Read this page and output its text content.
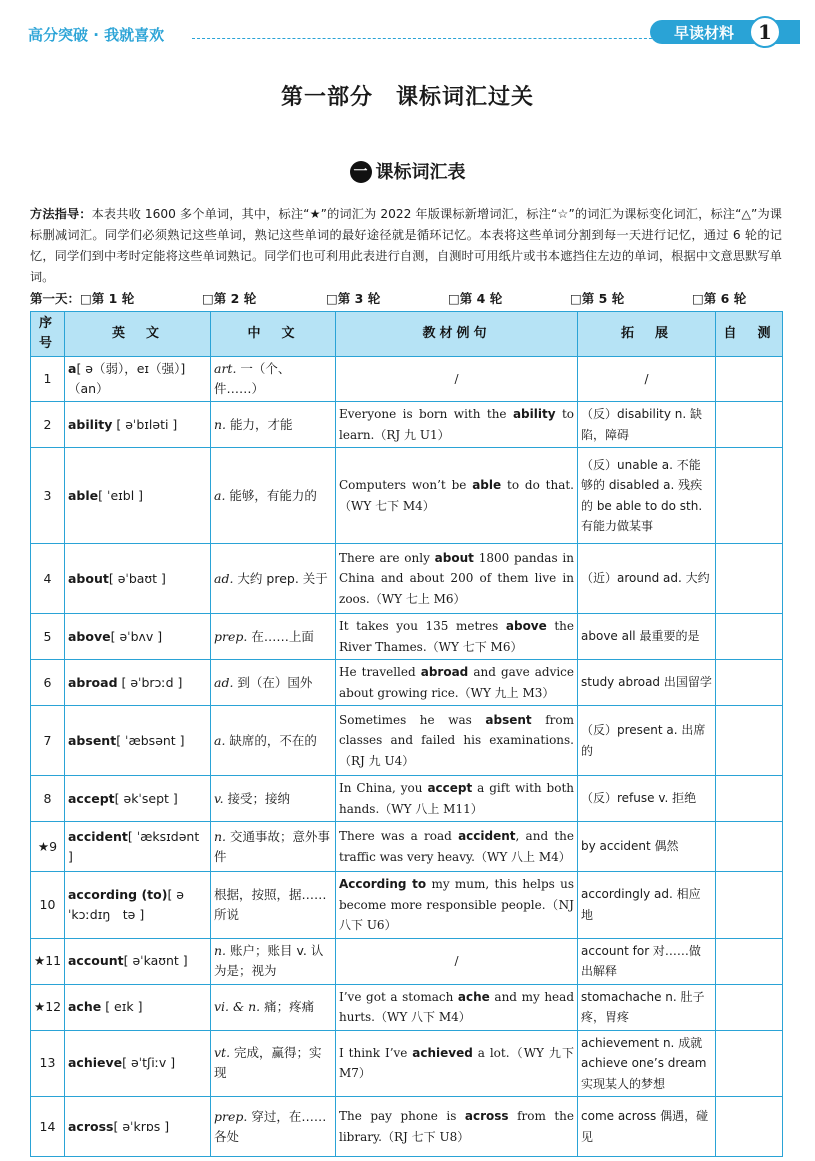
高分突破 · 我就喜欢	早读材料	1
第一部分　课标词汇过关
一 课标词汇表
方法指导：本表共收 1600 多个单词，其中，标注“★”的词汇为 2022 年版课标新增词汇，标注“☆”的词汇为课标变化词汇，标注“△”为课标删减词汇。同学们必须熟记这些单词，熟记这些单词的最好途径就是循环记忆。本表将这些单词分割到每一天进行记忆，通过 6 轮的记忆，同学们到中考时定能将这些单词熟记。同学们也可利用此表进行自测，自测时可用纸片或书本遮挡住左边的单词，根据中文意思默写单词。
第一天： □第 1 轮	□第 2 轮	□第 3 轮	□第 4 轮	□第 5 轮	□第 6 轮
序号	英　文	中　文	教材例句	拓　展	自　测
1	a[ ə（弱），eɪ（强）]（an）	art. 一（个、件……）	/	/	
2	ability [ əˈbɪləti ]	n. 能力，才能	Everyone is born with the ability to learn.（RJ 九 U1）	（反）disability n. 缺陷，障碍	
3	able[ ˈeɪbl ]	a. 能够，有能力的	Computers won’t be able to do that.（WY 七下 M4）	（反）unable a. 不能够的 disabled a. 残疾的 be able to do sth. 有能力做某事	
4	about[ əˈbaʊt ]	ad. 大约 prep. 关于	There are only about 1800 pandas in China and about 200 of them live in zoos.（WY 七上 M6）	（近）around ad. 大约	
5	above[ əˈbʌv ]	prep. 在……上面	It takes you 135 metres above the River Thames.（WY 七下 M6）	above all 最重要的是	
6	abroad [ əˈbrɔːd ]	ad. 到（在）国外	He travelled abroad and gave advice about growing rice.（WY 九上 M3）	study abroad 出国留学	
7	absent[ ˈæbsənt ]	a. 缺席的，不在的	Sometimes he was absent from classes and failed his examinations.（RJ 九 U4）	（反）present a. 出席的	
8	accept[ əkˈsept ]	v. 接受；接纳	In China, you accept a gift with both hands.（WY 八上 M11）	（反）refuse v. 拒绝	
★9	accident[ ˈæksɪdənt ]	n. 交通事故；意外事件	There was a road accident, and the traffic was very heavy.（WY 八上 M4）	by accident 偶然	
10	according (to)[ əˈkɔːdɪŋ　tə ]	根据，按照，据……所说	According to my mum, this helps us become more responsible people.（NJ 八下 U6）	accordingly ad. 相应地	
★11	account[ əˈkaʊnt ]	n. 账户；账目 v. 认为是；视为	/	account for 对……做出解释	
★12	ache [ eɪk ]	vi. & n. 痛；疼痛	I’ve got a stomach ache and my head hurts.（WY 八下 M4）	stomachache n. 肚子疼，胃疼	
13	achieve[ əˈtʃiːv ]	vt. 完成，赢得；实现	I think I’ve achieved a lot.（WY 九下 M7）	achievement n. 成就 achieve one’s dream 实现某人的梦想	
14	across[ əˈkrɒs ]	prep. 穿过，在……各处	The pay phone is across from the library.（RJ 七下 U8）	come across 偶遇，碰见	
